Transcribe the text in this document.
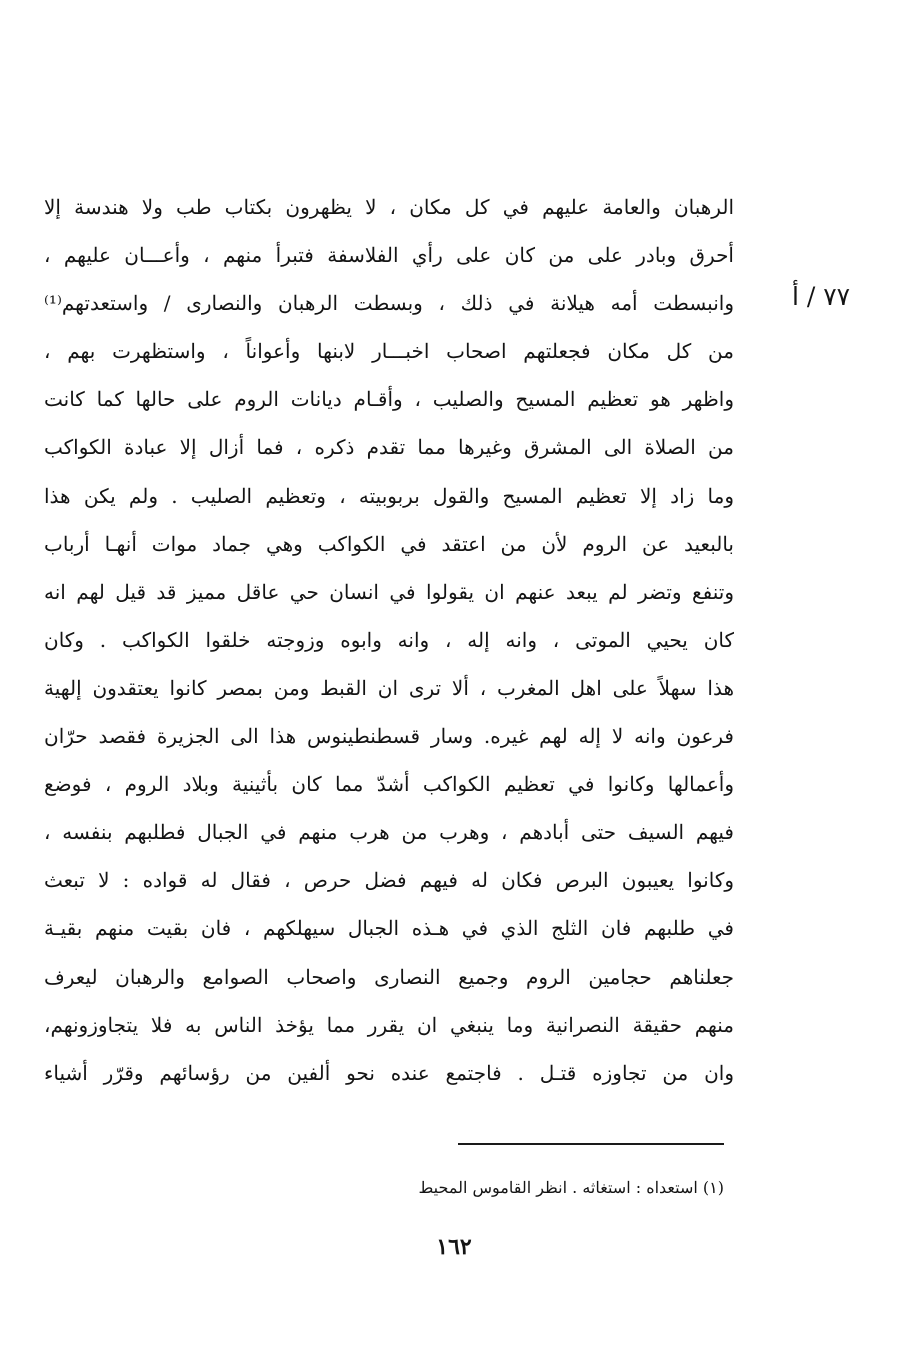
٧٧ / أ
الرهبان والعامة عليهم في كل مكان ، لا يظهرون بكتاب طب ولا هندسة إلا
أحرق وبادر على من كان على رأي الفلاسفة فتبرأ منهم ، وأعـــان عليهم ،
وانبسطت أمه هيلانة في ذلك ، وبسطت الرهبان والنصارى / واستعدتهم⁽¹⁾
من كل مكان فجعلتهم اصحاب اخبـــار لابنها وأعواناً ، واستظهرت بهم ،
واظهر هو تعظيم المسيح والصليب ، وأقـام ديانات الروم على حالها كما كانت
من الصلاة الى المشرق وغيرها مما تقدم ذكره ، فما أزال إلا عبادة الكواكب
وما زاد إلا تعظيم المسيح والقول بربوبيته ، وتعظيم الصليب . ولم يكن هذا
بالبعيد عن الروم لأن من اعتقد في الكواكب وهي جماد موات أنهـا أرباب
وتنفع وتضر لم يبعد عنهم ان يقولوا في انسان حي عاقل مميز قد قيل لهم انه
كان يحيي الموتى ، وانه إله ، وانه وابوه وزوجته خلقوا الكواكب . وكان
هذا سهلاً على اهل المغرب ، ألا ترى ان القبط ومن بمصر كانوا يعتقدون إلهية
فرعون وانه لا إله لهم غيره. وسار قسطنطينوس هذا الى الجزيرة فقصد حرّان
وأعمالها وكانوا في تعظيم الكواكب أشدّ مما كان بأثينية وبلاد الروم ، فوضع
فيهم السيف حتى أبادهم ، وهرب من هرب منهم في الجبال فطلبهم بنفسه ،
وكانوا يعيبون البرص فكان له فيهم فضل حرص ، فقال له قواده : لا تبعث
في طلبهم فان الثلج الذي في هـذه الجبال سيهلكهم ، فان بقيت منهم بقيـة
جعلناهم حجامين الروم وجميع النصارى واصحاب الصوامع والرهبان ليعرف
منهم حقيقة النصرانية وما ينبغي ان يقرر مما يؤخذ الناس به فلا يتجاوزونهم،
وان من تجاوزه قتـل . فاجتمع عنده نحو ألفين من رؤسائهم وقرّر أشياء
(١) استعداه : استغاثه . انظر القاموس المحيط
١٦٢
